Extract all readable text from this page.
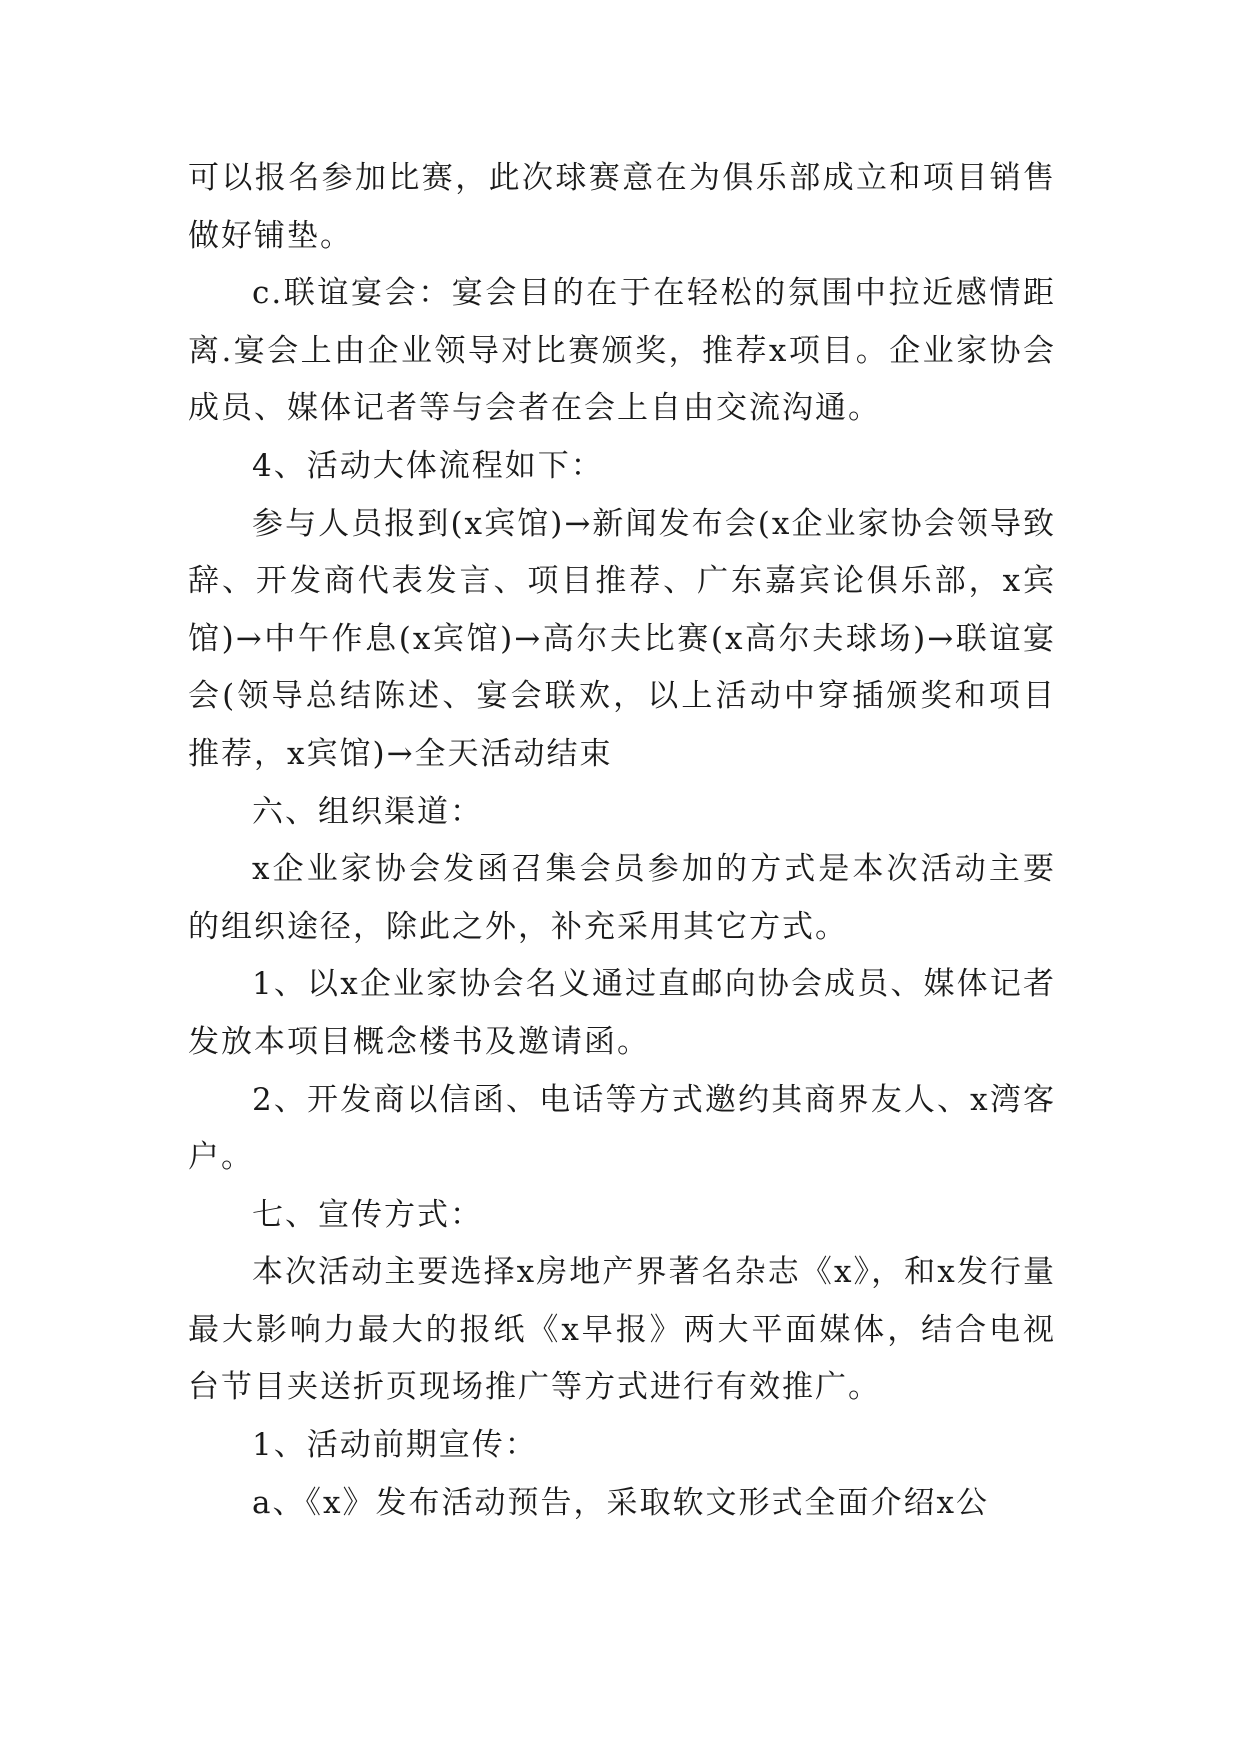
可以报名参加比赛，此次球赛意在为俱乐部成立和项目销售做好铺垫。

c.联谊宴会：宴会目的在于在轻松的氛围中拉近感情距离.宴会上由企业领导对比赛颁奖，推荐x项目。企业家协会成员、媒体记者等与会者在会上自由交流沟通。

4、活动大体流程如下：

参与人员报到(x宾馆)→新闻发布会(x企业家协会领导致辞、开发商代表发言、项目推荐、广东嘉宾论俱乐部，x宾馆)→中午作息(x宾馆)→高尔夫比赛(x高尔夫球场)→联谊宴会(领导总结陈述、宴会联欢，以上活动中穿插颁奖和项目推荐，x宾馆)→全天活动结束

六、组织渠道：

x企业家协会发函召集会员参加的方式是本次活动主要的组织途径，除此之外，补充采用其它方式。

1、以x企业家协会名义通过直邮向协会成员、媒体记者发放本项目概念楼书及邀请函。

2、开发商以信函、电话等方式邀约其商界友人、x湾客户。

七、宣传方式：

本次活动主要选择x房地产界著名杂志《x》，和x发行量最大影响力最大的报纸《x早报》两大平面媒体，结合电视台节目夹送折页现场推广等方式进行有效推广。

1、活动前期宣传：

a、《x》发布活动预告，采取软文形式全面介绍x公
